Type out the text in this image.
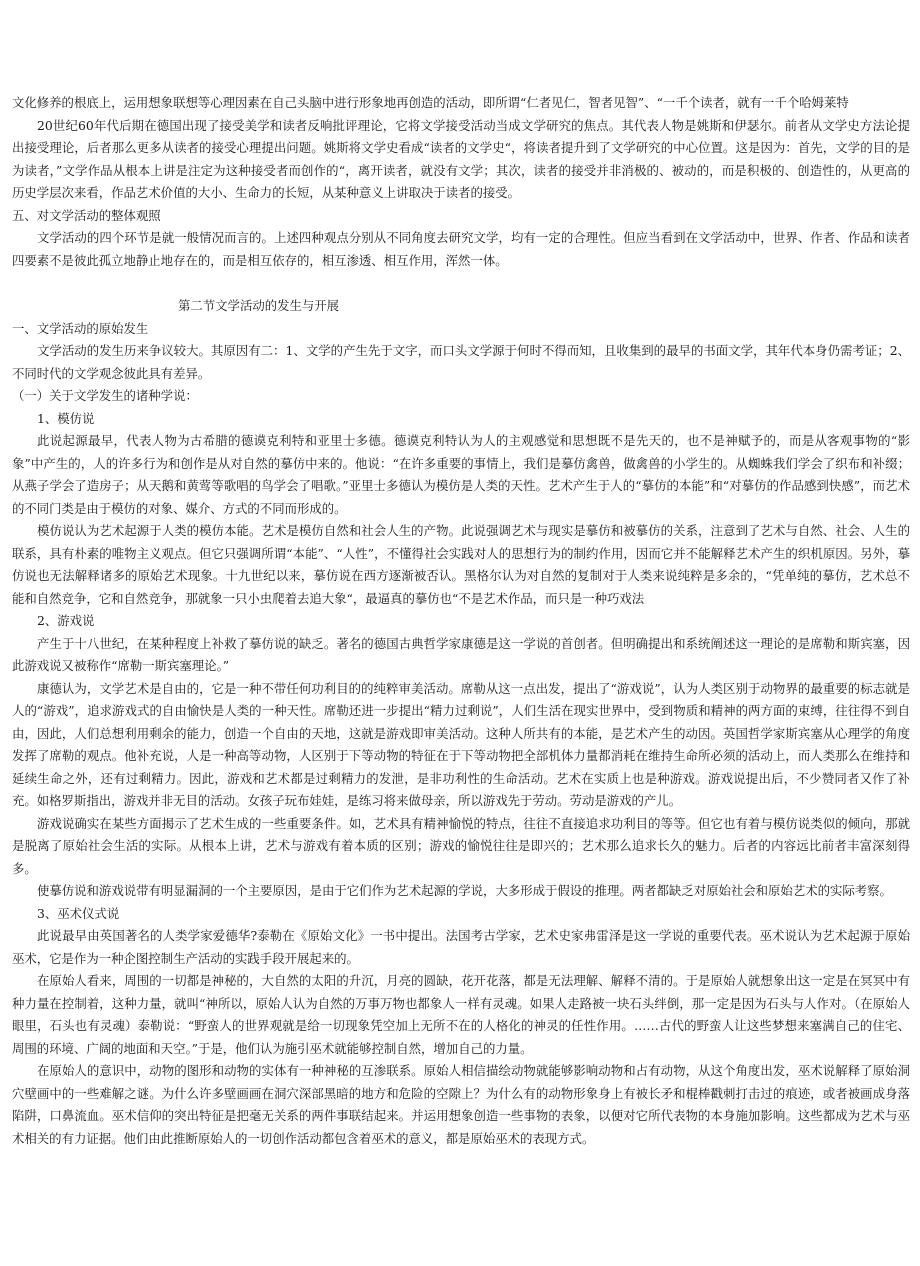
文化修养的根底上，运用想象联想等心理因素在自己头脑中进行形象地再创造的活动，即所谓“仁者见仁，智者见智”、“一千个读者，就有一千个哈姆莱特

20世纪60年代后期在德国出现了接受美学和读者反响批评理论，它将文学接受活动当成文学研究的焦点。其代表人物是姚斯和伊瑟尔。前者从文学史方法论提出接受理论，后者那么更多从读者的接受心理提出问题。姚斯将文学史看成“读者的文学史“，将读者提升到了文学研究的中心位置。这是因为：首先，文学的目的是为读者，”文学作品从根本上讲是注定为这种接受者而创作的“，离开读者，就没有文学；其次，读者的接受并非消极的、被动的，而是积极的、创造性的，从更高的历史学层次来看，作品艺术价值的大小、生命力的长短，从某种意义上讲取决于读者的接受。

五、对文学活动的整体观照

文学活动的四个环节是就一般情况而言的。上述四种观点分别从不同角度去研究文学，均有一定的合理性。但应当看到在文学活动中，世界、作者、作品和读者四要素不是彼此孤立地静止地存在的，而是相互依存的，相互渗透、相互作用，浑然一体。

第二节文学活动的发生与开展

一、文学活动的原始发生

文学活动的发生历来争议较大。其原因有二：1、文学的产生先于文字，而口头文学源于何时不得而知，且收集到的最早的书面文学，其年代本身仍需考证；2、不同时代的文学观念彼此具有差异。

（一）关于文学发生的诸种学说：

1、模仿说

此说起源最早，代表人物为古希腊的德谟克利特和亚里士多德。德谟克利特认为人的主观感觉和思想既不是先天的，也不是神赋予的，而是从客观事物的“影象”中产生的，人的许多行为和创作是从对自然的摹仿中来的。他说：“在许多重要的事情上，我们是摹仿禽兽，做禽兽的小学生的。从蜘蛛我们学会了织布和补缀；从燕子学会了造房子；从天鹅和黄莺等歌唱的鸟学会了唱歌。”亚里士多德认为模仿是人类的天性。艺术产生于人的“摹仿的本能”和“对摹仿的作品感到快感”，而艺术的不同门类是由于模仿的对象、媒介、方式的不同而形成的。

模仿说认为艺术起源于人类的模仿本能。艺术是模仿自然和社会人生的产物。此说强调艺术与现实是摹仿和被摹仿的关系，注意到了艺术与自然、社会、人生的联系，具有朴素的唯物主义观点。但它只强调所谓“本能”、“人性”，不懂得社会实践对人的思想行为的制约作用，因而它并不能解释艺术产生的织机原因。另外，摹仿说也无法解释诸多的原始艺术现象。十九世纪以来，摹仿说在西方逐渐被否认。黑格尔认为对自然的复制对于人类来说纯粹是多余的，“凭单纯的摹仿，艺术总不能和自然竞争，它和自然竞争，那就象一只小虫爬着去追大象“，最逼真的摹仿也“不是艺术作品，而只是一种巧戏法

2、游戏说

产生于十八世纪，在某种程度上补救了摹仿说的缺乏。著名的德国古典哲学家康德是这一学说的首创者。但明确提出和系统阐述这一理论的是席勒和斯宾塞，因此游戏说又被称作“席勒一斯宾塞理论。”

康德认为，文学艺术是自由的，它是一种不带任何功利目的的纯粹审美活动。席勒从这一点出发，提出了“游戏说”，认为人类区别于动物界的最重要的标志就是人的“游戏”，追求游戏式的自由愉快是人类的一种天性。席勒还进一步提出“精力过剩说”，人们生活在现实世界中，受到物质和精神的两方面的束缚，往往得不到自由，因此，人们总想利用剩余的能力，创造一个自由的天地，这就是游戏即审美活动。这种人所共有的本能，是艺术产生的动因。英国哲学家斯宾塞从心理学的角度发挥了席勒的观点。他补充说，人是一种高等动物，人区别于下等动物的特征在于下等动物把全部机体力量都消耗在维持生命所必须的活动上，而人类那么在维持和延续生命之外，还有过剩精力。因此，游戏和艺术都是过剩精力的发泄，是非功利性的生命活动。艺术在实质上也是种游戏。游戏说提出后，不少赞同者又作了补充。如格罗斯指出，游戏并非无目的活动。女孩子玩布娃娃，是练习将来做母亲，所以游戏先于劳动。劳动是游戏的产儿。

游戏说确实在某些方面揭示了艺术生成的一些重要条件。如，艺术具有精神愉悦的特点，往往不直接追求功利目的等等。但它也有着与模仿说类似的倾向，那就是脱离了原始社会生活的实际。从根本上讲，艺术与游戏有着本质的区别；游戏的愉悦往往是即兴的；艺术那么追求长久的魅力。后者的内容远比前者丰富深刻得多。

使摹仿说和游戏说带有明显漏洞的一个主要原因，是由于它们作为艺术起源的学说，大多形成于假设的推理。两者都缺乏对原始社会和原始艺术的实际考察。

3、巫术仪式说

此说最早由英国著名的人类学家爱德华?泰勒在《原始文化》一书中提出。法国考古学家，艺术史家弗雷泽是这一学说的重要代表。巫术说认为艺术起源于原始巫术，它是作为一种企图控制生产活动的实践手段开展起来的。

在原始人看来，周围的一切都是神秘的，大自然的太阳的升沉，月亮的圆缺，花开花落，都是无法理解、解释不清的。于是原始人就想象出这一定是在冥冥中有种力量在控制着，这种力量，就叫“神所以，原始人认为自然的万事万物也都象人一样有灵魂。如果人走路被一块石头绊倒，那一定是因为石头与人作对。（在原始人眼里，石头也有灵魂）泰勒说：“野蛮人的世界观就是给一切现象凭空加上无所不在的人格化的神灵的任性作用。……古代的野蛮人让这些梦想来塞满自己的住宅、周围的环境、广阔的地面和天空。”于是，他们认为施引巫术就能够控制自然，增加自己的力量。

在原始人的意识中，动物的图形和动物的实体有一种神秘的互渗联系。原始人相信描绘动物就能够影响动物和占有动物，从这个角度出发，巫术说解释了原始洞穴壁画中的一些难解之谜。为什么许多壁画画在洞穴深部黑暗的地方和危险的空隙上？为什么有的动物形象身上有被长矛和棍棒戳刺打击过的痕迹，或者被画成身落陷阱，口鼻流血。巫术信仰的突出特征是把毫无关系的两件事联结起来。并运用想象创造一些事物的表象，以便对它所代表物的本身施加影响。这些都成为艺术与巫术相关的有力证据。他们由此推断原始人的一切创作活动都包含着巫术的意义，都是原始巫术的表现方式。
